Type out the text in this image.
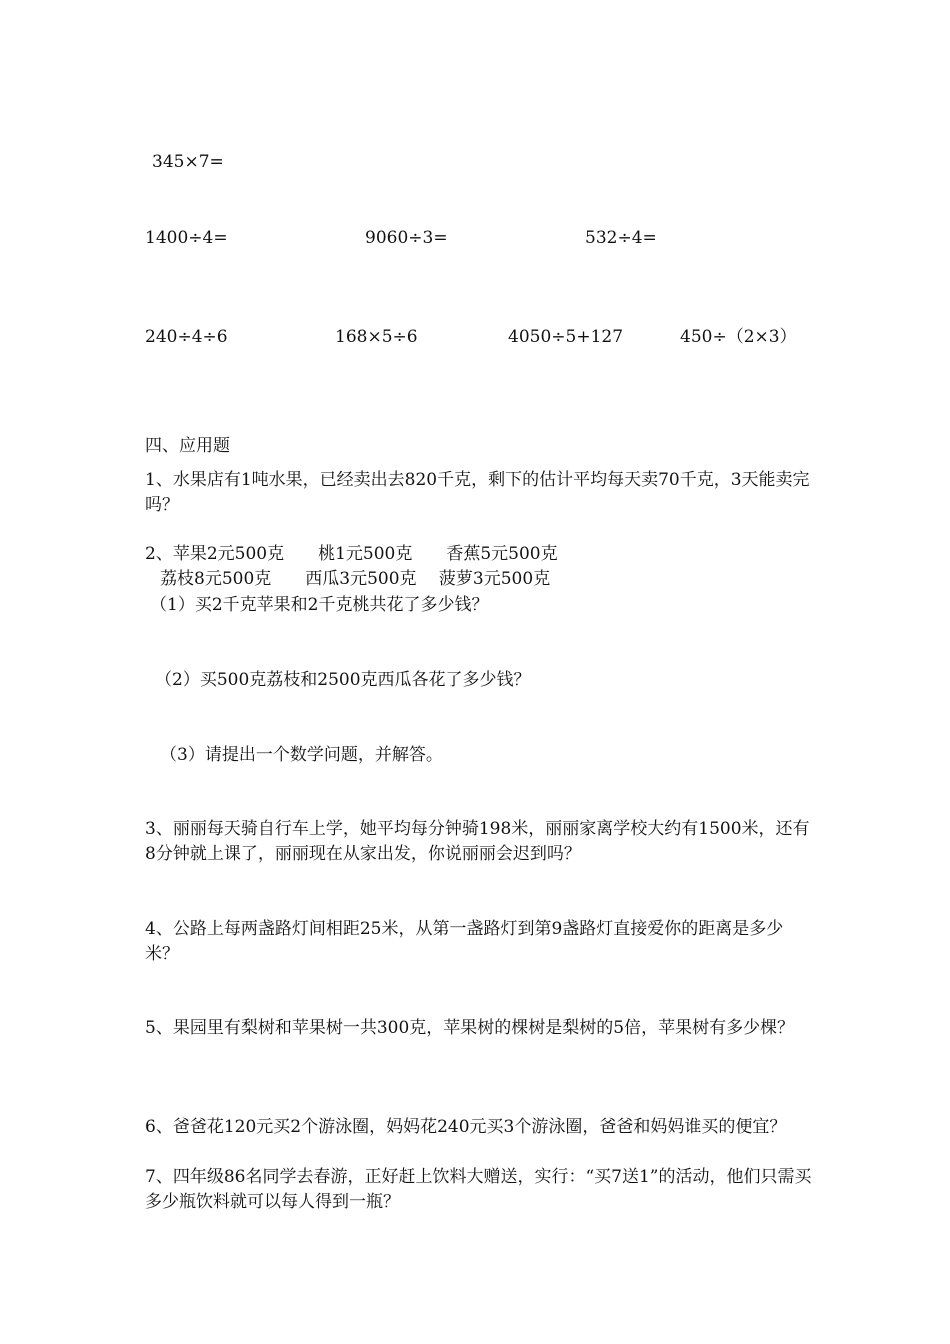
345×7=
1400÷4=	9060÷3=	532÷4=
240÷4÷6	168×5÷6	4050÷5+127	450÷（2×3）
四、应用题
1、水果店有1吨水果，已经卖出去820千克，剩下的估计平均每天卖70千克，3天能卖完吗？
2、苹果2元500克　　桃1元500克　　香蕉5元500克
荔枝8元500克　　西瓜3元500克　 菠萝3元500克
（1）买2千克苹果和2千克桃共花了多少钱？
（2）买500克荔枝和2500克西瓜各花了多少钱？
（3）请提出一个数学问题，并解答。
3、丽丽每天骑自行车上学，她平均每分钟骑198米，丽丽家离学校大约有1500米，还有8分钟就上课了，丽丽现在从家出发，你说丽丽会迟到吗？
4、公路上每两盏路灯间相距25米，从第一盏路灯到第9盏路灯直接爱你的距离是多少米？
5、果园里有梨树和苹果树一共300克，苹果树的棵树是梨树的5倍，苹果树有多少棵？
6、爸爸花120元买2个游泳圈，妈妈花240元买3个游泳圈，爸爸和妈妈谁买的便宜？
7、四年级86名同学去春游，正好赶上饮料大赠送，实行：“买7送1”的活动，他们只需买多少瓶饮料就可以每人得到一瓶？
